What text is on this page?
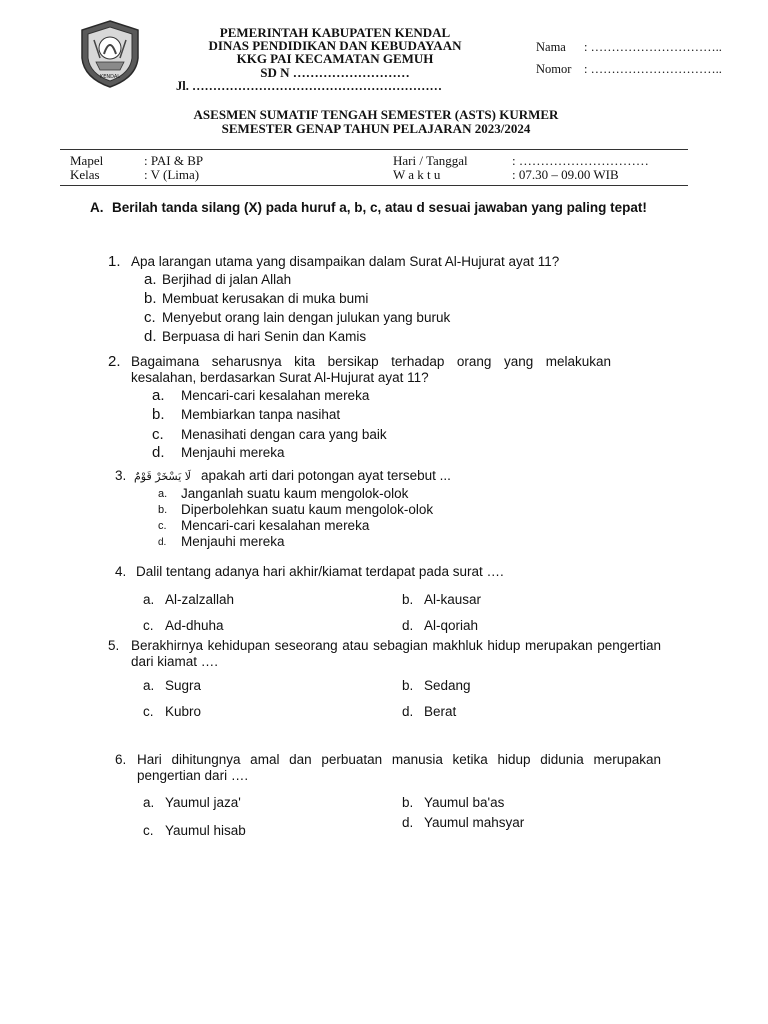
KENDAL
PEMERINTAH KABUPATEN KENDAL
DINAS PENDIDIKAN DAN KEBUDAYAAN
KKG PAI KECAMATAN GEMUH
SD N ………………………
Jl. ……………………………………………………
Nama : …………………………..
Nomor : …………………………..
ASESMEN SUMATIF TENGAH SEMESTER (ASTS) KURMER
SEMESTER GENAP TAHUN PELAJARAN 2023/2024
Mapel	: PAI & BP
Kelas	: V (Lima)
Hari / Tanggal	: …………………………
W a k t u	: 07.30 – 09.00 WIB
A. Berilah tanda silang (X) pada huruf a, b, c, atau d sesuai jawaban yang paling tepat!
1. Apa larangan utama yang disampaikan dalam Surat Al-Hujurat ayat 11?
a. Berjihad di jalan Allah
b. Membuat kerusakan di muka bumi
c. Menyebut orang lain dengan julukan yang buruk
d. Berpuasa di hari Senin dan Kamis
2. Bagaimana seharusnya kita bersikap terhadap orang yang melakukan kesalahan, berdasarkan Surat Al-Hujurat ayat 11?
a. Mencari-cari kesalahan mereka
b. Membiarkan tanpa nasihat
c. Menasihati dengan cara yang baik
d. Menjauhi mereka
3. لَا يَسْخَرْ قَوْمٌ apakah arti dari potongan ayat tersebut ...
a. Janganlah suatu kaum mengolok-olok
b. Diperbolehkan suatu kaum mengolok-olok
c. Mencari-cari kesalahan mereka
d. Menjauhi mereka
4. Dalil tentang adanya hari akhir/kiamat terdapat pada surat ….
a. Al-zalzallah	b. Al-kausar
c. Ad-dhuha	d. Al-qoriah
5. Berakhirnya kehidupan seseorang atau sebagian makhluk hidup merupakan pengertian dari kiamat ….
a. Sugra	b. Sedang
c. Kubro	d. Berat
6. Hari dihitungnya amal dan perbuatan manusia ketika hidup didunia merupakan pengertian dari ….
a. Yaumul jaza'	b. Yaumul ba'as
c. Yaumul hisab
d. Yaumul mahsyar
